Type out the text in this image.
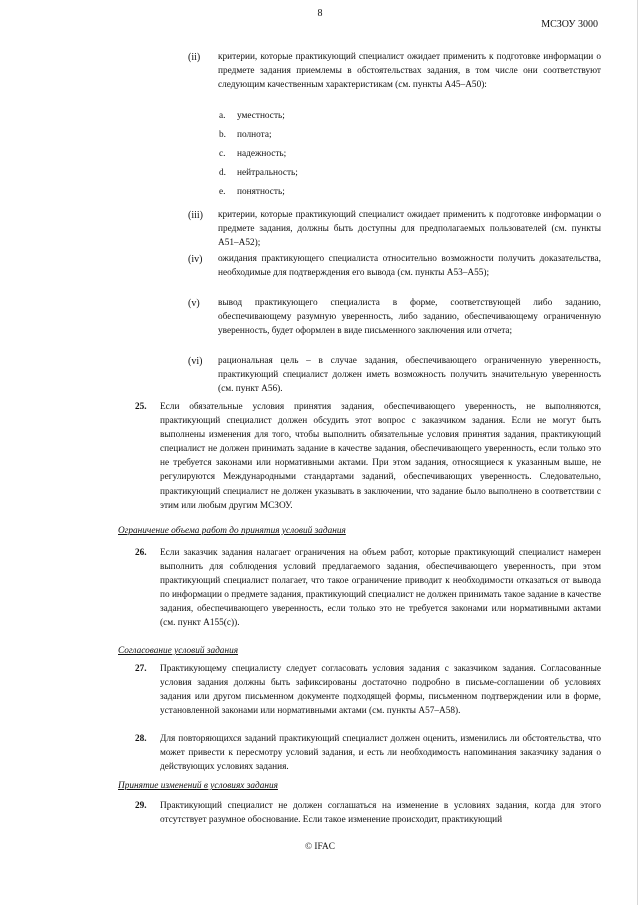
8
МСЗОУ 3000
(ii) критерии, которые практикующий специалист ожидает применить к подготовке информации о предмете задания приемлемы в обстоятельствах задания, в том числе они соответствуют следующим качественным характеристикам (см. пункты A45–A50):
a. уместность;
b. полнота;
c. надежность;
d. нейтральность;
e. понятность;
(iii) критерии, которые практикующий специалист ожидает применить к подготовке информации о предмете задания, должны быть доступны для предполагаемых пользователей (см. пункты A51–A52);
(iv) ожидания практикующего специалиста относительно возможности получить доказательства, необходимые для подтверждения его вывода (см. пункты A53–A55);
(v) вывод практикующего специалиста в форме, соответствующей либо заданию, обеспечивающему разумную уверенность, либо заданию, обеспечивающему ограниченную уверенность, будет оформлен в виде письменного заключения или отчета;
(vi) рациональная цель – в случае задания, обеспечивающего ограниченную уверенность, практикующий специалист должен иметь возможность получить значительную уверенность (см. пункт A56).
25. Если обязательные условия принятия задания, обеспечивающего уверенность, не выполняются, практикующий специалист должен обсудить этот вопрос с заказчиком задания. Если не могут быть выполнены изменения для того, чтобы выполнить обязательные условия принятия задания, практикующий специалист не должен принимать задание в качестве задания, обеспечивающего уверенность, если только это не требуется законами или нормативными актами. При этом задания, относящиеся к указанным выше, не регулируются Международными стандартами заданий, обеспечивающих уверенность. Следовательно, практикующий специалист не должен указывать в заключении, что задание было выполнено в соответствии с этим или любым другим МСЗОУ.
Ограничение объема работ до принятия условий задания
26. Если заказчик задания налагает ограничения на объем работ, которые практикующий специалист намерен выполнить для соблюдения условий предлагаемого задания, обеспечивающего уверенность, при этом практикующий специалист полагает, что такое ограничение приводит к необходимости отказаться от вывода по информации о предмете задания, практикующий специалист не должен принимать такое задание в качестве задания, обеспечивающего уверенность, если только это не требуется законами или нормативными актами (см. пункт A155(c)).
Согласование условий задания
27. Практикующему специалисту следует согласовать условия задания с заказчиком задания. Согласованные условия задания должны быть зафиксированы достаточно подробно в письме-соглашении об условиях задания или другом письменном документе подходящей формы, письменном подтверждении или в форме, установленной законами или нормативными актами (см. пункты A57–A58).
28. Для повторяющихся заданий практикующий специалист должен оценить, изменились ли обстоятельства, что может привести к пересмотру условий задания, и есть ли необходимость напоминания заказчику задания о действующих условиях задания.
Принятие изменений в условиях задания
29. Практикующий специалист не должен соглашаться на изменение в условиях задания, когда для этого отсутствует разумное обоснование. Если такое изменение происходит, практикующий
© IFAC
